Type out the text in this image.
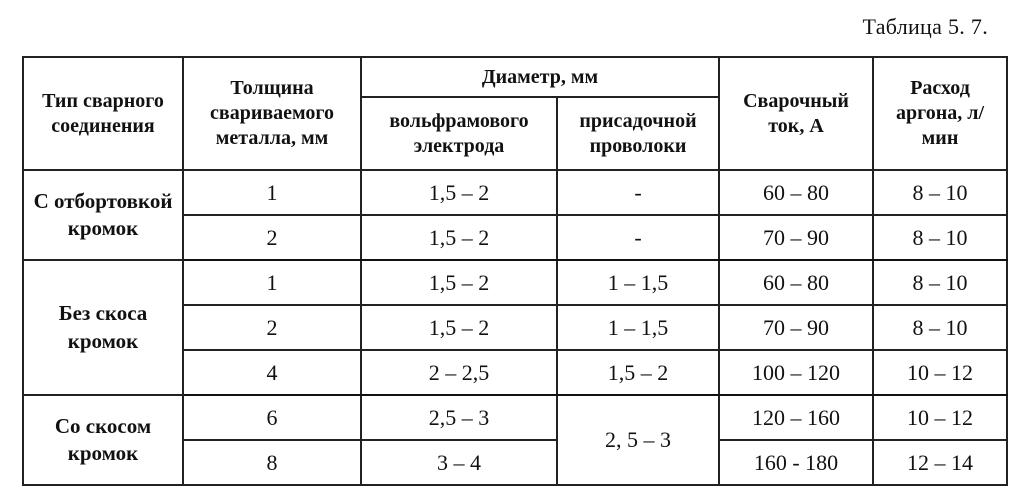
Таблица 5. 7.
Тип сварного соединения	Толщина свариваемого металла, мм	Диаметр, мм		Сварочный ток, А	Расход аргона, л/мин
		вольфрамового электрода	присадочной проволоки		
С отбортовкой кромок	1	1,5 – 2	-	60 – 80	8 – 10
	2	1,5 – 2	-	70 – 90	8 – 10
Без скоса кромок	1	1,5 – 2	1 – 1,5	60 – 80	8 – 10
	2	1,5 – 2	1 – 1,5	70 – 90	8 – 10
	4	2 – 2,5	1,5 – 2	100 – 120	10 – 12
Со скосом кромок	6	2,5 – 3	2, 5 – 3	120 – 160	10 – 12
	8	3 – 4		160 - 180	12 – 14
